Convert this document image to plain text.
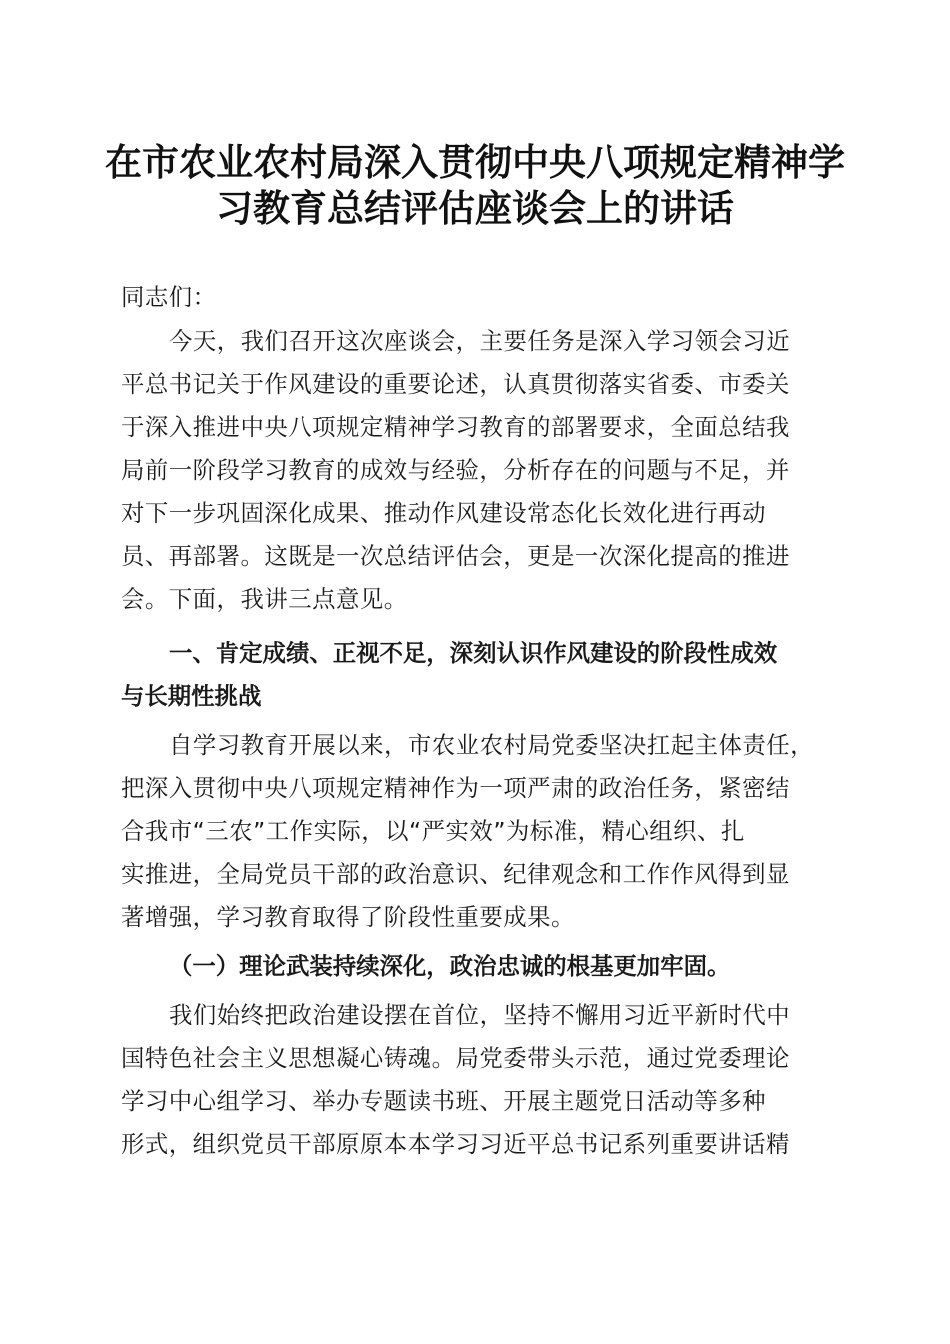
在市农业农村局深入贯彻中央八项规定精神学
习教育总结评估座谈会上的讲话
同志们：
今天，我们召开这次座谈会，主要任务是深入学习领会习近
平总书记关于作风建设的重要论述，认真贯彻落实省委、市委关
于深入推进中央八项规定精神学习教育的部署要求，全面总结我
局前一阶段学习教育的成效与经验，分析存在的问题与不足，并
对下一步巩固深化成果、推动作风建设常态化长效化进行再动
员、再部署。这既是一次总结评估会，更是一次深化提高的推进
会。下面，我讲三点意见。
一、肯定成绩、正视不足，深刻认识作风建设的阶段性成效
与长期性挑战
自学习教育开展以来，市农业农村局党委坚决扛起主体责任，
把深入贯彻中央八项规定精神作为一项严肃的政治任务，紧密结
合我市“三农”工作实际，以“严实效”为标准，精心组织、扎
实推进，全局党员干部的政治意识、纪律观念和工作作风得到显
著增强，学习教育取得了阶段性重要成果。
（一）理论武装持续深化，政治忠诚的根基更加牢固。
我们始终把政治建设摆在首位，坚持不懈用习近平新时代中
国特色社会主义思想凝心铸魂。局党委带头示范，通过党委理论
学习中心组学习、举办专题读书班、开展主题党日活动等多种
形式，组织党员干部原原本本学习习近平总书记系列重要讲话精
